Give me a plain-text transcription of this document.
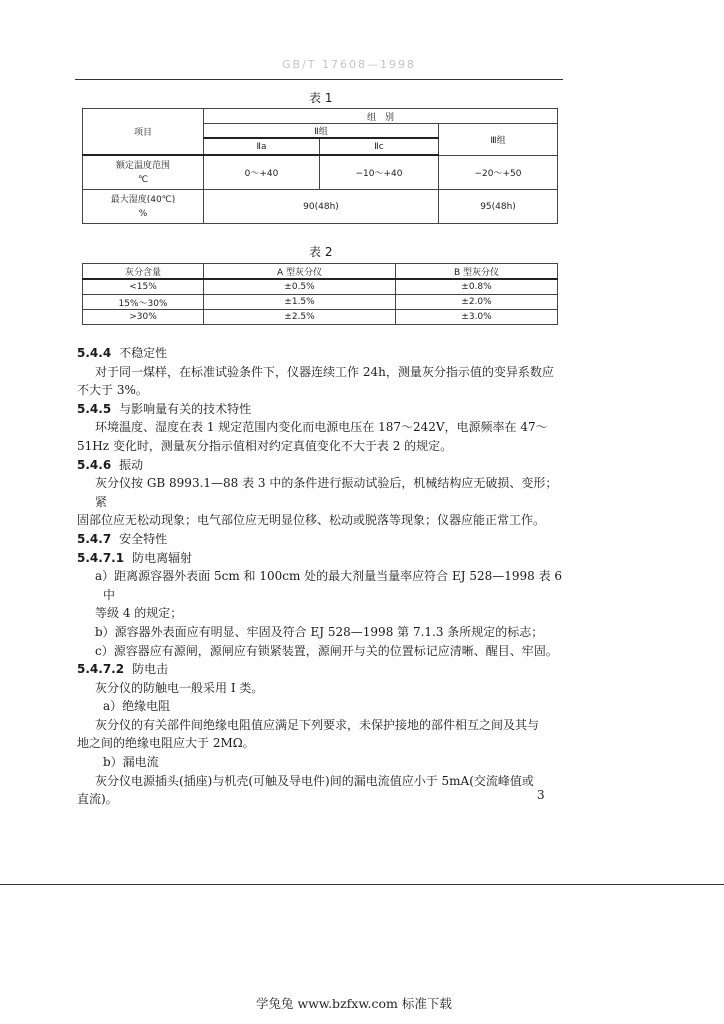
GB/T 17608—1998
表 1
项目	组　别		
	Ⅱ组		Ⅲ组
	Ⅱa	Ⅱc	

额定温度范围
℃	0～+40	−10～+40	−20～+50

最大湿度(40℃)
%	90(48h)		95(48h)
表 2
灰分含量	A 型灰分仪	B 型灰分仪
<15%	±0.5%	±0.8%
15%～30%	±1.5%	±2.0%
>30%	±2.5%	±3.0%

5.4.4 不稳定性

对于同一煤样，在标准试验条件下，仪器连续工作 24h，测量灰分指示值的变异系数应

不大于 3%。

5.4.5 与影响量有关的技术特性

环境温度、湿度在表 1 规定范围内变化而电源电压在 187～242V，电源频率在 47～

51Hz 变化时，测量灰分指示值相对约定真值变化不大于表 2 的规定。

5.4.6 振动

灰分仪按 GB 8993.1—88 表 3 中的条件进行振动试验后，机械结构应无破损、变形；紧

固部位应无松动现象；电气部位应无明显位移、松动或脱落等现象；仪器应能正常工作。

5.4.7 安全特性

5.4.7.1 防电离辐射

a）距离源容器外表面 5cm 和 100cm 处的最大剂量当量率应符合 EJ 528—1998 表 6 中

等级 4 的规定；

b）源容器外表面应有明显、牢固及符合 EJ 528—1998 第 7.1.3 条所规定的标志；

c）源容器应有源闸，源闸应有锁紧装置，源闸开与关的位置标记应清晰、醒目、牢固。

5.4.7.2 防电击

灰分仪的防触电一般采用 I 类。

a）绝缘电阻

灰分仪的有关部件间绝缘电阻值应满足下列要求，未保护接地的部件相互之间及其与

地之间的绝缘电阻应大于 2MΩ。

b）漏电流

灰分仪电源插头(插座)与机壳(可触及导电件)间的漏电流值应小于 5mA(交流峰值或

直流)。	3
学兔兔 www.bzfxw.com 标准下载
